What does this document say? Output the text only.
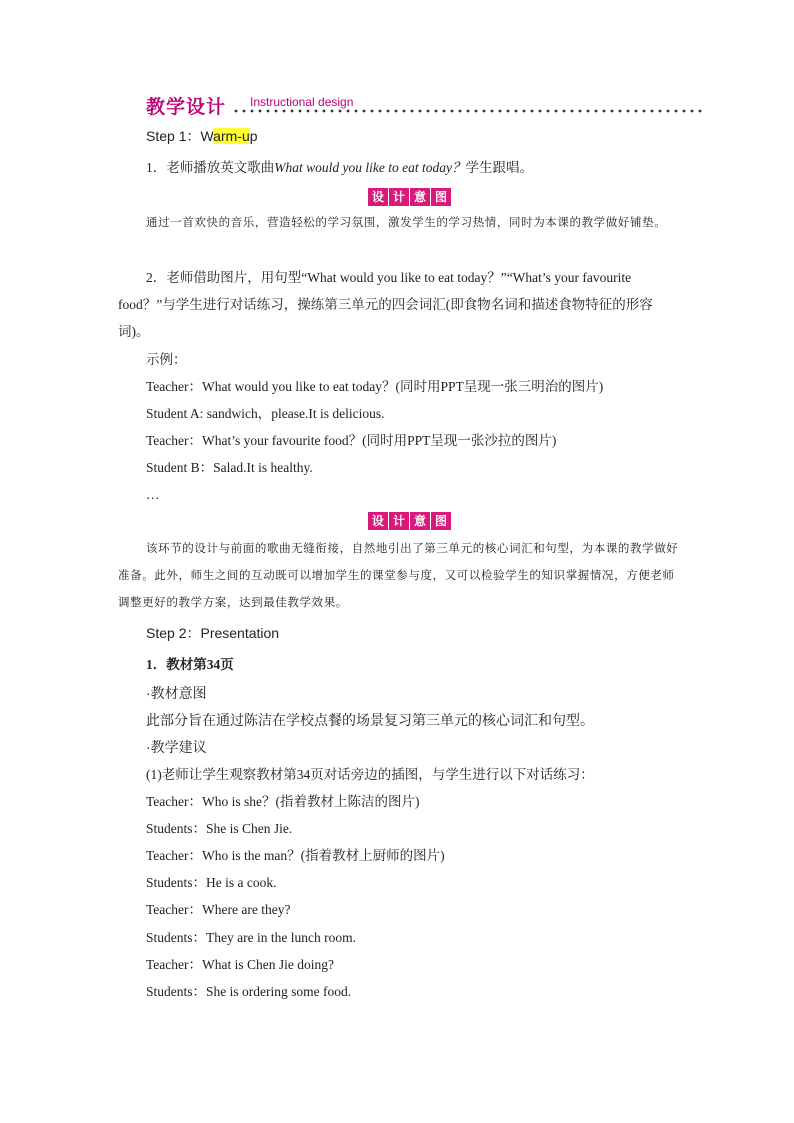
教学设计 Instructional design
Step 1：Warm-up
1．老师播放英文歌曲What would you like to eat today？学生跟唱。
设 计 意 图
通过一首欢快的音乐，营造轻松的学习氛围，激发学生的学习热情，同时为本课的教学做好铺垫。
2．老师借助图片，用句型“What would you like to eat today？”“What’s your favourite food？”与学生进行对话练习，操练第三单元的四会词汇(即食物名词和描述食物特征的形容词)。
示例：
Teacher：What would you like to eat today？(同时用PPT呈现一张三明治的图片)
Student A: sandwich，please.It is delicious.
Teacher：What’s your favourite food？(同时用PPT呈现一张沙拉的图片)
Student B：Salad.It is healthy.
…
设 计 意 图
该环节的设计与前面的歌曲无缝衔接，自然地引出了第三单元的核心词汇和句型，为本课的教学做好准备。此外，师生之间的互动既可以增加学生的课堂参与度，又可以检验学生的知识掌握情况，方便老师调整更好的教学方案，达到最佳教学效果。
Step 2：Presentation
1．教材第34页
·教材意图
此部分旨在通过陈洁在学校点餐的场景复习第三单元的核心词汇和句型。
·教学建议
(1)老师让学生观察教材第34页对话旁边的插图，与学生进行以下对话练习：
Teacher：Who is she？(指着教材上陈洁的图片)
Students：She is Chen Jie.
Teacher：Who is the man？(指着教材上厨师的图片)
Students：He is a cook.
Teacher：Where are they?
Students：They are in the lunch room.
Teacher：What is Chen Jie doing?
Students：She is ordering some food.
